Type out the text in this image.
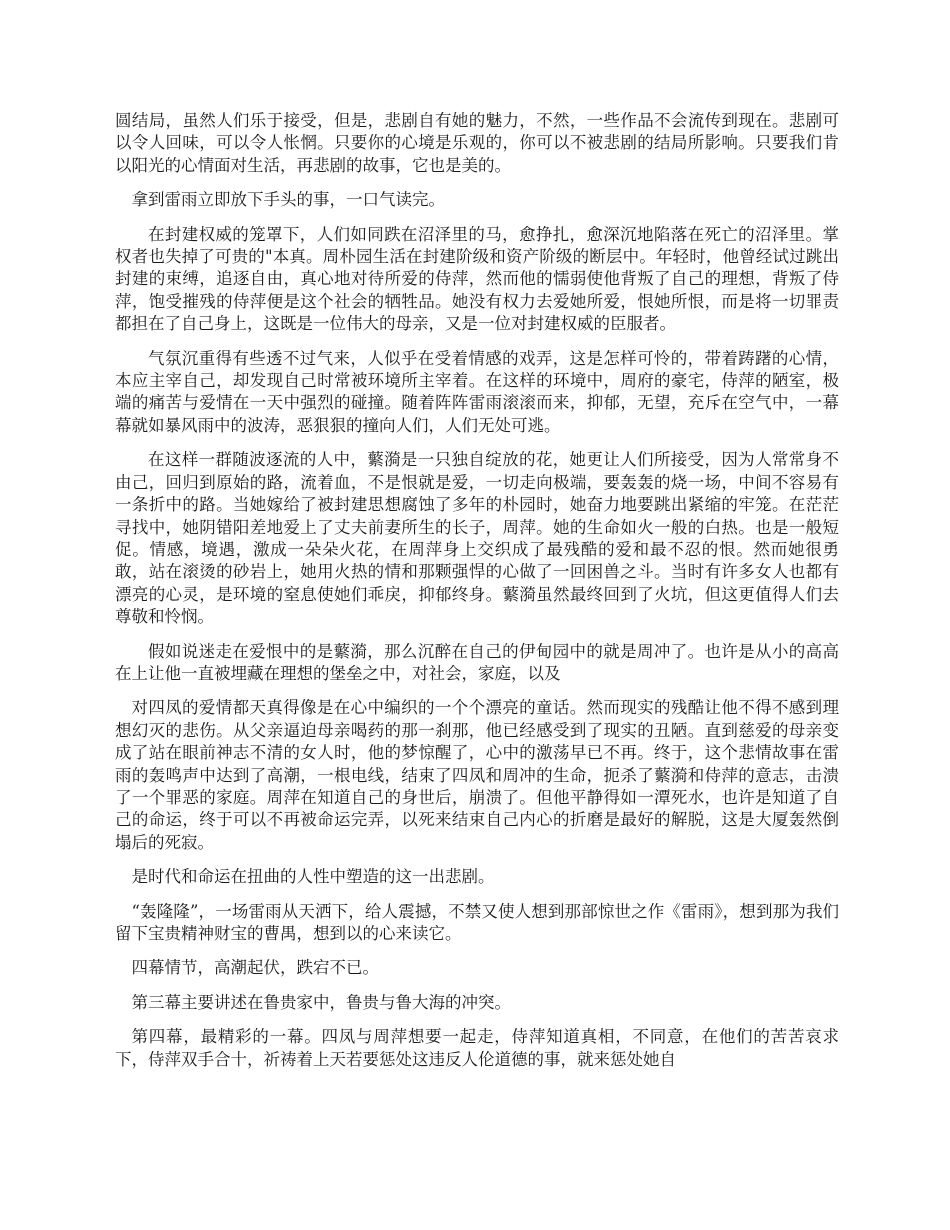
圆结局，虽然人们乐于接受，但是，悲剧自有她的魅力，不然，一些作品不会流传到现在。悲剧可以令人回味，可以令人怅惘。只要你的心境是乐观的，你可以不被悲剧的结局所影响。只要我们肯以阳光的心情面对生活，再悲剧的故事，它也是美的。

拿到雷雨立即放下手头的事，一口气读完。

在封建权威的笼罩下，人们如同跌在沼泽里的马，愈挣扎，愈深沉地陷落在死亡的沼泽里。掌权者也失掉了可贵的"本真。周朴园生活在封建阶级和资产阶级的断层中。年轻时，他曾经试过跳出封建的束缚，追逐自由，真心地对待所爱的侍萍，然而他的懦弱使他背叛了自己的理想，背叛了侍萍，饱受摧残的侍萍便是这个社会的牺牲品。她没有权力去爱她所爱，恨她所恨，而是将一切罪责都担在了自己身上，这既是一位伟大的母亲，又是一位对封建权威的臣服者。

气氛沉重得有些透不过气来，人似乎在受着情感的戏弄，这是怎样可怜的，带着踌躇的心情，本应主宰自己，却发现自己时常被环境所主宰着。在这样的环境中，周府的豪宅，侍萍的陋室，极端的痛苦与爱情在一天中强烈的碰撞。随着阵阵雷雨滚滚而来，抑郁，无望，充斥在空气中，一幕幕就如暴风雨中的波涛，恶狠狠的撞向人们，人们无处可逃。

在这样一群随波逐流的人中，蘩漪是一只独自绽放的花，她更让人们所接受，因为人常常身不由己，回归到原始的路，流着血，不是恨就是爱，一切走向极端，要轰轰的烧一场，中间不容易有一条折中的路。当她嫁给了被封建思想腐蚀了多年的朴园时，她奋力地要跳出紧缩的牢笼。在茫茫寻找中，她阴错阳差地爱上了丈夫前妻所生的长子，周萍。她的生命如火一般的白热。也是一般短促。情感，境遇，激成一朵朵火花，在周萍身上交织成了最残酷的爱和最不忍的恨。然而她很勇敢，站在滚烫的砂岩上，她用火热的情和那颗强悍的心做了一回困兽之斗。当时有许多女人也都有漂亮的心灵，是环境的窒息使她们乖戾，抑郁终身。蘩漪虽然最终回到了火坑，但这更值得人们去尊敬和怜悯。

假如说迷走在爱恨中的是蘩漪，那么沉醉在自己的伊甸园中的就是周冲了。也许是从小的高高在上让他一直被埋藏在理想的堡垒之中，对社会，家庭，以及

对四凤的爱情都天真得像是在心中编织的一个个漂亮的童话。然而现实的残酷让他不得不感到理想幻灭的悲伤。从父亲逼迫母亲喝药的那一刹那，他已经感受到了现实的丑陋。直到慈爱的母亲变成了站在眼前神志不清的女人时，他的梦惊醒了，心中的激荡早已不再。终于，这个悲情故事在雷雨的轰鸣声中达到了高潮，一根电线，结束了四凤和周冲的生命，扼杀了蘩漪和侍萍的意志，击溃了一个罪恶的家庭。周萍在知道自己的身世后，崩溃了。但他平静得如一潭死水，也许是知道了自己的命运，终于可以不再被命运完弄，以死来结束自己内心的折磨是最好的解脱，这是大厦轰然倒塌后的死寂。

是时代和命运在扭曲的人性中塑造的这一出悲剧。

“轰隆隆”，一场雷雨从天洒下，给人震撼，不禁又使人想到那部惊世之作《雷雨》，想到那为我们留下宝贵精神财宝的曹禺，想到以的心来读它。

四幕情节，高潮起伏，跌宕不已。

第三幕主要讲述在鲁贵家中，鲁贵与鲁大海的冲突。

第四幕，最精彩的一幕。四凤与周萍想要一起走，侍萍知道真相，不同意，在他们的苦苦哀求下，侍萍双手合十，祈祷着上天若要惩处这违反人伦道德的事，就来惩处她自
